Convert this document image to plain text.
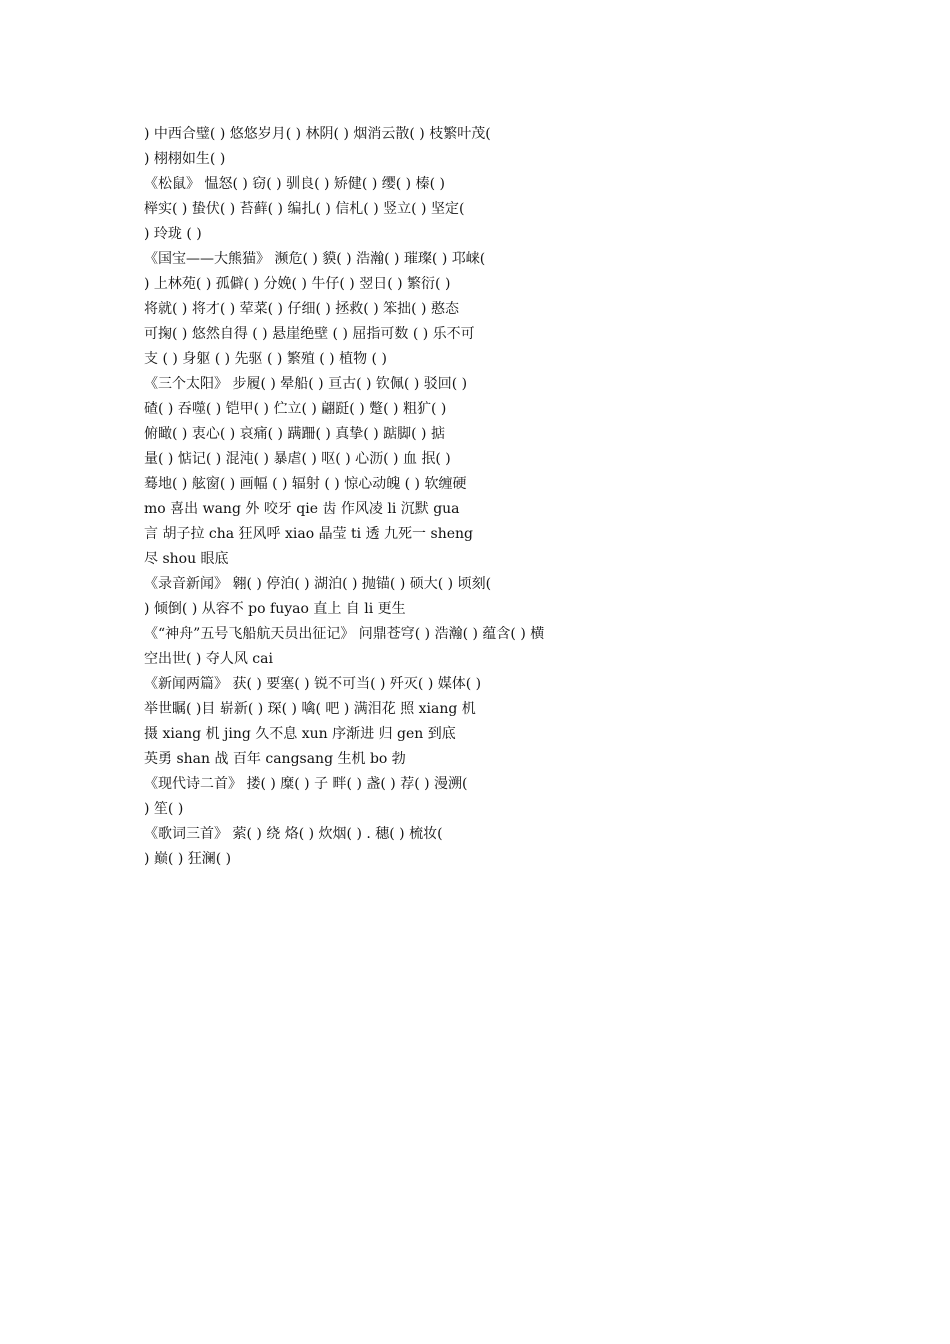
) 中西合璧( ) 悠悠岁月( ) 林阴( ) 烟消云散( ) 枝繁叶茂(
) 栩栩如生( )
《松鼠》 愠怒( ) 窃( ) 驯良( ) 矫健( ) 缨( ) 榛( )
榉实( ) 蛰伏( ) 苔藓( ) 编扎( ) 信札( ) 竖立( ) 坚定(
) 玲珑 ( )
《国宝——大熊猫》 濒危( ) 貘( ) 浩瀚( ) 璀璨( ) 邛崃(
) 上林苑( ) 孤僻( ) 分娩( ) 牛仔( ) 翌日( ) 繁衍( )
将就( ) 将才( ) 荤菜( ) 仔细( ) 拯救( ) 笨拙( ) 憨态
可掬( ) 悠然自得 ( ) 悬崖绝壁 ( ) 屈指可数 ( ) 乐不可
支 ( ) 身躯 ( ) 先驱 ( ) 繁殖 ( ) 植物 ( )
《三个太阳》 步履( ) 晕船( ) 亘古( ) 钦佩( ) 驳回( )
碴( ) 吞噬( ) 铠甲( ) 伫立( ) 翩跹( ) 蹩( ) 粗犷( )
俯瞰( ) 衷心( ) 哀痛( ) 蹒跚( ) 真挚( ) 踮脚( ) 掂
量( ) 惦记( ) 混沌( ) 暴虐( ) 呕( ) 心沥( ) 血 抿( )
蓦地( ) 舷窗( ) 画幅 ( ) 辐射 ( ) 惊心动魄 ( ) 软缠硬
mo 喜出 wang 外 咬牙 qie 齿 作风凌 li 沉默 gua
言 胡子拉 cha 狂风呼 xiao 晶莹 ti 透 九死一 sheng
尽 shou 眼底
《录音新闻》 翱( ) 停泊( ) 湖泊( ) 抛锚( ) 硕大( ) 顷刻(
) 倾倒( ) 从容不 po fuyao 直上 自 li 更生
《“神舟”五号飞船航天员出征记》 问鼎苍穹( ) 浩瀚( ) 蕴含( ) 横
空出世( ) 夺人风 cai
《新闻两篇》 获( ) 要塞( ) 锐不可当( ) 歼灭( ) 媒体( )
举世瞩( )目 崭新( ) 琛( ) 噙( 吧 ) 满泪花 照 xiang 机
摄 xiang 机 jing 久不息 xun 序渐进 归 gen 到底
英勇 shan 战 百年 cangsang 生机 bo 勃
《现代诗二首》 搂( ) 糜( ) 子 畔( ) 盏( ) 荐( ) 漫溯(
) 笙( )
《歌词三首》 萦( ) 绕 烙( ) 炊烟( ) . 穗( ) 梳妆(
) 巅( ) 狂澜( )
